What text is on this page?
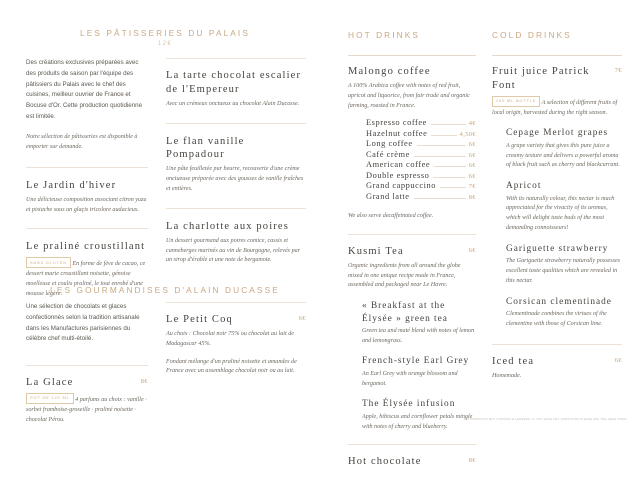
LES PÂTISSERIES DU PALAIS
12€
Des créations exclusives préparées avec des produits de saison par l'équipe des pâtissiers du Palais avec le chef des cuisines, meilleur ouvrier de France et Bocuse d'Or. Cette production quotidienne est limitée.
Notre sélection de pâtisseries est disponible à emporter sur demande.
Le Jardin d'hiver
Une délicieuse composition associant citron yuzu et pistache sous un glaçis tricolore audacieux.
Le praliné croustillant
SANS GLUTEN En forme de fève de cacao, ce dessert marie croustillant noisette, génoise moelleuse et coulis praliné, le tout enrobé d'une mousse légère.
La tarte chocolat escalier de l'Empereur
Avec un crémeux onctueux au chocolat Alain Ducasse.
Le flan vanille Pompadour
Une pâte feuilletée pur beurre, recouverte d'une crème onctueuse préparée avec des gousses de vanille fraîches et entières.
La charlotte aux poires
Un dessert gourmand aux poires comice, cassis et canneberges marinés au vin de Bourgogne, relevés par un sirop d'érable et une note de bergamote.
LES GOURMANDISES D'ALAIN DUCASSE
Une sélection de chocolats et glaces confectionnés selon la tradition artisanale dans les Manufactures parisiennes du célèbre chef multi-étoilé.
La Glace	8€
POT DE 120 ML 4 parfums au choix : vanille · sorbet framboise-groseille · praliné noisette · chocolat Pérou.
Le Petit Coq	6€
Au choix : Chocolat noir 75% ou chocolat au lait de Madagascar 45%.
Fondant mélange d'un praliné noisette et amandes de France avec un assemblage chocolat noir ou au lait.
HOT DRINKS
Malongo coffee
A 100% Arabica coffee with notes of red fruit, apricot and liquorice, from fair trade and organic farming, roasted in France.
Espresso coffee	4€
Hazelnut coffee	4,50€
Long coffee	6€
Café crème	6€
American coffee	6€
Double espresso	6€
Grand cappuccino	7€
Grand latte	8€
We also serve decaffeinated coffee.
Kusmi Tea	6€
Organic ingredients from all around the globe mixed in one unique recipe made in France, assembled and packaged near Le Havre.
« Breakfast at the Élysée » green tea
Green tea and maté blend with notes of lemon and lemongrass.
French-style Earl Grey
An Earl Grey with orange blossom and bergamot.
The Élysée infusion
Apple, hibiscus and cornflower petals mingle with notes of cherry and blueberry.
Hot chocolate	8€
COLD DRINKS
Fruit juice Patrick Font
7€
250 ML BOTTLE A selection of different fruits of local origin, harvested during the right season.
Cepage Merlot grapes
A grape variety that gives this pure juice a creamy texture and delivers a powerful aroma of black fruit such as cherry and blackcurrant.
Apricot
With its naturally colour, this nectar is much appreciated for the vivacity of its aromas, which will delight taste buds of the most demanding connoisseurs!
Gariguette strawberry
The Gariguette strawberry naturally possesses excellent taste qualities which are revealed in this nectar.
Corsican clementinade
Clementinade combines the virtues of the clementine with those of Corsican lime.
Iced tea	6€
Homemade.
ALL PRODUCTS MAY CONTAIN ALLERGENS. IF YOU HAVE ANY QUESTIONS PLEASE ASK THE HEAD STAFF.
